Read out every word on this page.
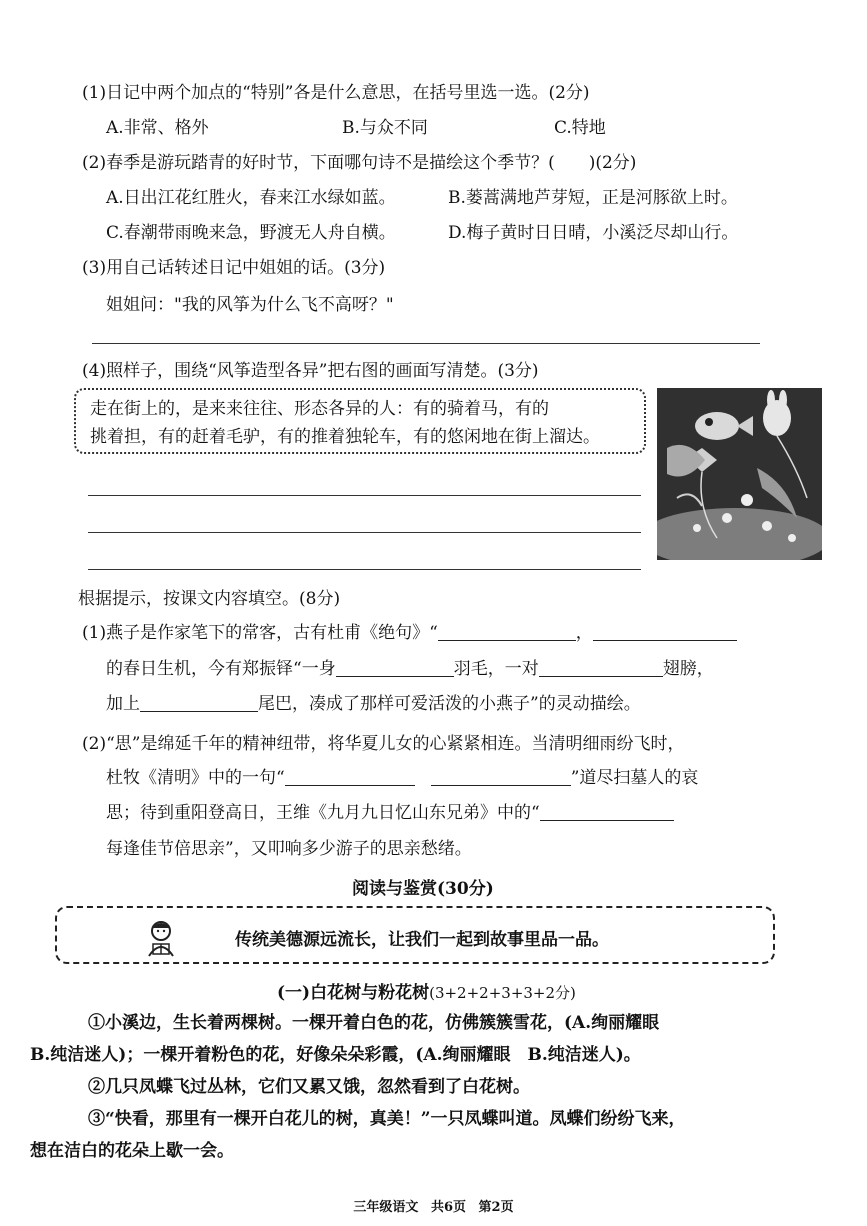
(1)日记中两个加点的“特别”各是什么意思，在括号里选一选。(2分)
A.非常、格外	B.与众不同	C.特地
(2)春季是游玩踏青的好时节，下面哪句诗不是描绘这个季节？(　　)(2分)
A.日出江花红胜火，春来江水绿如蓝。	B.蒌蒿满地芦芽短，正是河豚欲上时。
C.春潮带雨晚来急，野渡无人舟自横。	D.梅子黄时日日晴，小溪泛尽却山行。
(3)用自己话转述日记中姐姐的话。(3分)
姐姐问："我的风筝为什么飞不高呀？"
(4)照样子，围绕“风筝造型各异”把右图的画面写清楚。(3分)
走在街上的，是来来往往、形态各异的人：有的骑着马，有的
挑着担，有的赶着毛驴，有的推着独轮车，有的悠闲地在街上溜达。
根据提示，按课文内容填空。(8分)
(1)燕子是作家笔下的常客，古有杜甫《绝句》“	，
的春日生机，今有郑振铎“一身	羽毛，一对	翅膀，
加上	尾巴，凑成了那样可爱活泼的小燕子”的灵动描绘。
(2)“思”是绵延千年的精神纽带，将华夏儿女的心紧紧相连。当清明细雨纷飞时，
杜牧《清明》中的一句“	”道尽扫墓人的哀
思；待到重阳登高日，王维《九月九日忆山东兄弟》中的“
每逢佳节倍思亲”，又叩响多少游子的思亲愁绪。
阅读与鉴赏(30分)
传统美德源远流长，让我们一起到故事里品一品。
(一)白花树与粉花树(3+2+2+3+3+2分)
①小溪边，生长着两棵树。一棵开着白色的花，仿佛簇簇雪花，(A.绚丽耀眼
B.纯洁迷人)；一棵开着粉色的花，好像朵朵彩霞，(A.绚丽耀眼　B.纯洁迷人)。
②几只凤蝶飞过丛林，它们又累又饿，忽然看到了白花树。
③“快看，那里有一棵开白花儿的树，真美！”一只凤蝶叫道。凤蝶们纷纷飞来，
想在洁白的花朵上歇一会。
三年级语文 共6页 第2页
